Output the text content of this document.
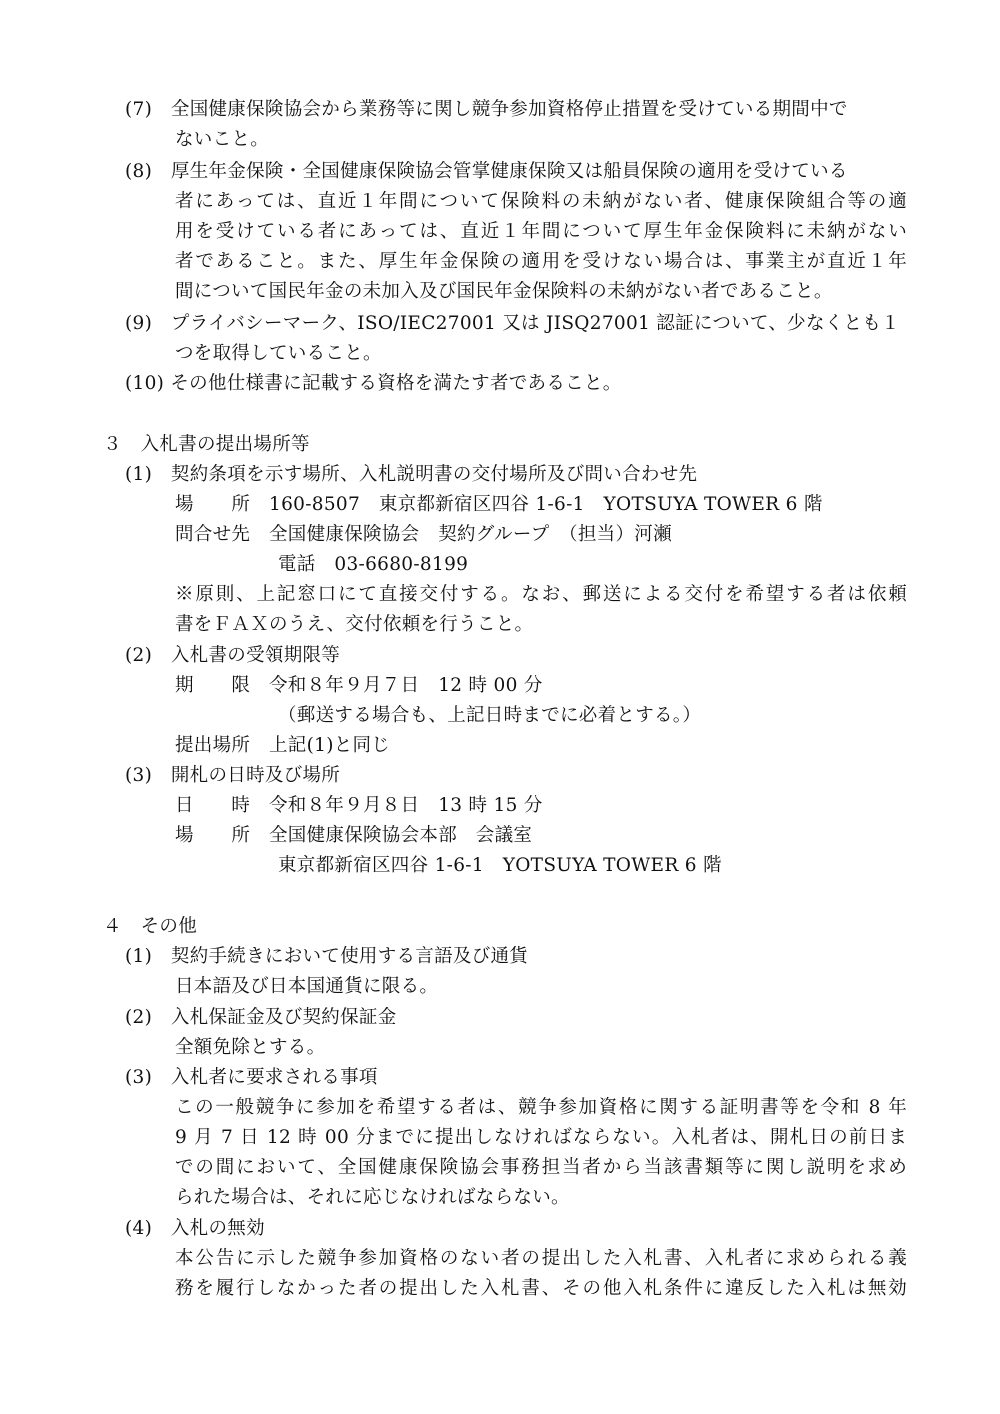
(7)　全国健康保険協会から業務等に関し競争参加資格停止措置を受けている期間中で
ないこと。
(8)　厚生年金保険・全国健康保険協会管掌健康保険又は船員保険の適用を受けている
者にあっては、直近１年間について保険料の未納がない者、健康保険組合等の適
用を受けている者にあっては、直近１年間について厚生年金保険料に未納がない
者であること。また、厚生年金保険の適用を受けない場合は、事業主が直近１年
間について国民年金の未加入及び国民年金保険料の未納がない者であること。
(9)　プライバシーマーク、ISO/IEC27001 又は JISQ27001 認証について、少なくとも１
つを取得していること。
(10) その他仕様書に記載する資格を満たす者であること。
３　入札書の提出場所等
(1)　契約条項を示す場所、入札説明書の交付場所及び問い合わせ先
場　　所　160-8507　東京都新宿区四谷 1-6-1　YOTSUYA TOWER 6 階
問合せ先　全国健康保険協会　契約グループ　（担当）河瀬
電話　03-6680-8199
※原則、上記窓口にて直接交付する。なお、郵送による交付を希望する者は依頼
書をＦＡＸのうえ、交付依頼を行うこと。
(2)　入札書の受領期限等
期　　限　令和８年９月７日　12 時 00 分
（郵送する場合も、上記日時までに必着とする。）
提出場所　上記(1)と同じ
(3)　開札の日時及び場所
日　　時　令和８年９月８日　13 時 15 分
場　　所　全国健康保険協会本部　会議室
東京都新宿区四谷 1-6-1　YOTSUYA TOWER 6 階
４　その他
(1)　契約手続きにおいて使用する言語及び通貨
日本語及び日本国通貨に限る。
(2)　入札保証金及び契約保証金
全額免除とする。
(3)　入札者に要求される事項
この一般競争に参加を希望する者は、競争参加資格に関する証明書等を令和 8 年
9 月 7 日 12 時 00 分までに提出しなければならない。入札者は、開札日の前日ま
での間において、全国健康保険協会事務担当者から当該書類等に関し説明を求め
られた場合は、それに応じなければならない。
(4)　入札の無効
本公告に示した競争参加資格のない者の提出した入札書、入札者に求められる義
務を履行しなかった者の提出した入札書、その他入札条件に違反した入札は無効
